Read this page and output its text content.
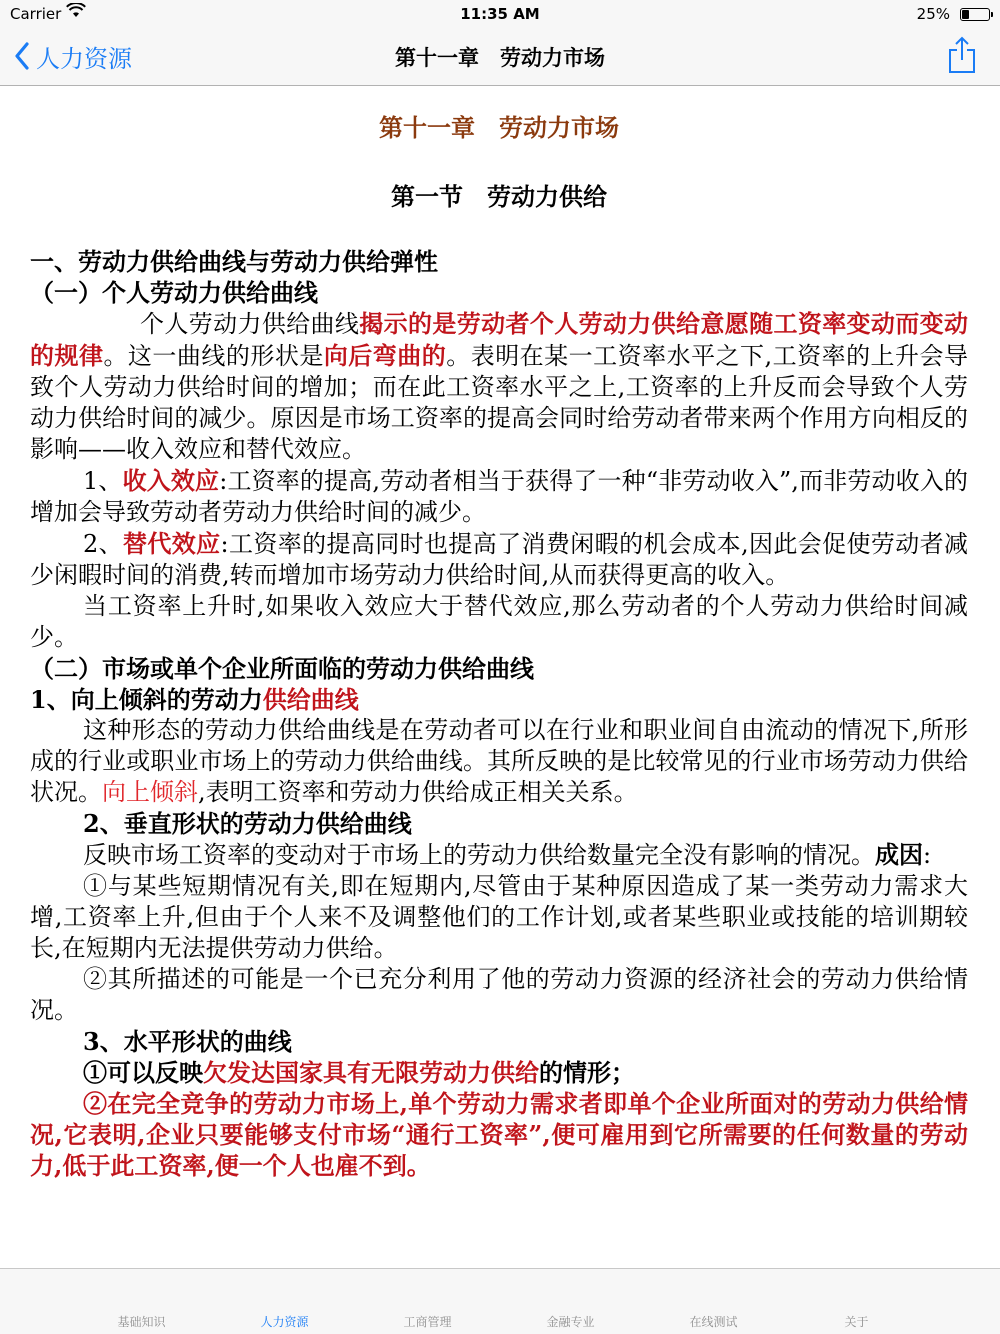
Carrier	11:35 AM	25%
人力资源	第十一章　劳动力市场
第十一章　劳动力市场
第一节　劳动力供给

一、劳动力供给曲线与劳动力供给弹性

（一）个人劳动力供给曲线

个人劳动力供给曲线揭示的是劳动者个人劳动力供给意愿随工资率变动而变动的规律。这一曲线的形状是向后弯曲的。表明在某一工资率水平之下,工资率的上升会导致个人劳动力供给时间的增加；而在此工资率水平之上,工资率的上升反而会导致个人劳动力供给时间的减少。原因是市场工资率的提高会同时给劳动者带来两个作用方向相反的影响——收入效应和替代效应。

1、收入效应:工资率的提高,劳动者相当于获得了一种“非劳动收入”,而非劳动收入的增加会导致劳动者劳动力供给时间的减少。

2、替代效应:工资率的提高同时也提高了消费闲暇的机会成本,因此会促使劳动者减少闲暇时间的消费,转而增加市场劳动力供给时间,从而获得更高的收入。

当工资率上升时,如果收入效应大于替代效应,那么劳动者的个人劳动力供给时间减少。

（二）市场或单个企业所面临的劳动力供给曲线

1、向上倾斜的劳动力供给曲线

这种形态的劳动力供给曲线是在劳动者可以在行业和职业间自由流动的情况下,所形成的行业或职业市场上的劳动力供给曲线。其所反映的是比较常见的行业市场劳动力供给状况。向上倾斜,表明工资率和劳动力供给成正相关关系。

2、垂直形状的劳动力供给曲线

反映市场工资率的变动对于市场上的劳动力供给数量完全没有影响的情况。成因:

①与某些短期情况有关,即在短期内,尽管由于某种原因造成了某一类劳动力需求大增,工资率上升,但由于个人来不及调整他们的工作计划,或者某些职业或技能的培训期较长,在短期内无法提供劳动力供给。

②其所描述的可能是一个已充分利用了他的劳动力资源的经济社会的劳动力供给情况。

3、水平形状的曲线

①可以反映欠发达国家具有无限劳动力供给的情形；

②在完全竞争的劳动力市场上,单个劳动力需求者即单个企业所面对的劳动力供给情况,它表明,企业只要能够支付市场“通行工资率”,便可雇用到它所需要的任何数量的劳动力,低于此工资率,便一个人也雇不到。

基础知识	人力资源	工商管理	金融专业	在线测试	关于
